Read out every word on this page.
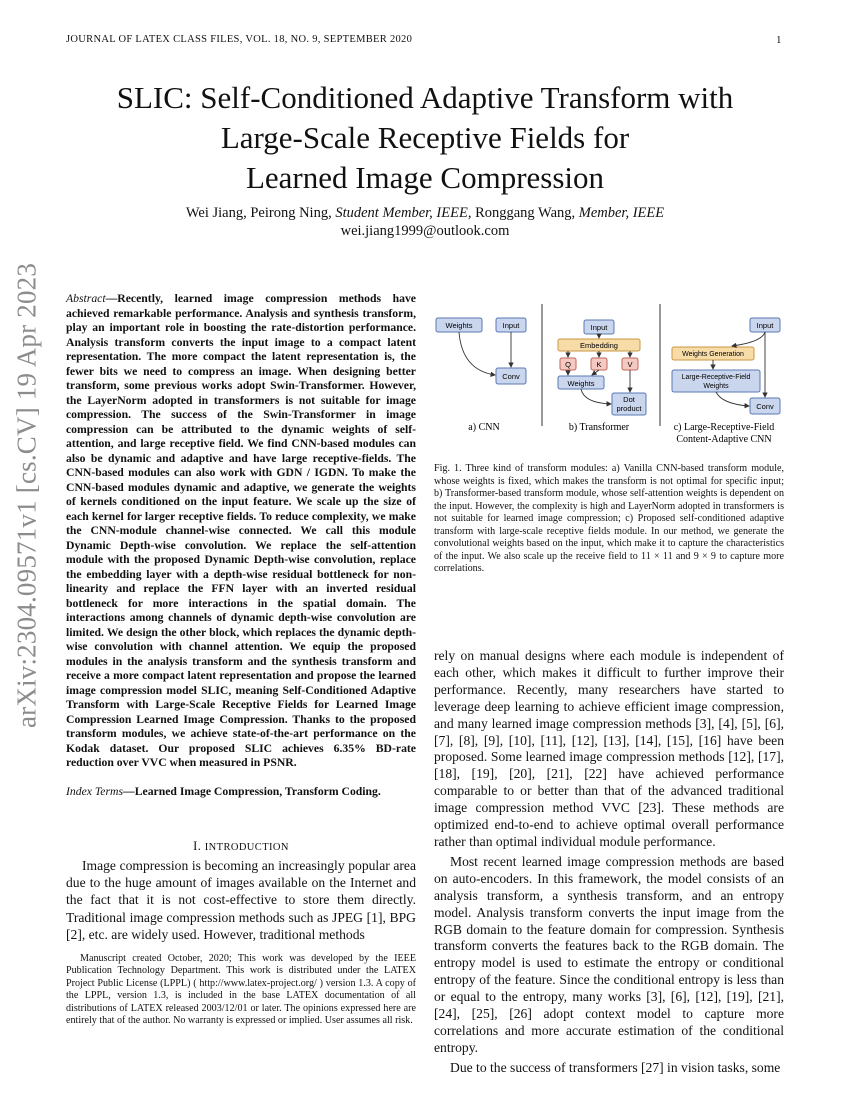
JOURNAL OF LATEX CLASS FILES, VOL. 18, NO. 9, SEPTEMBER 2020	1
SLIC: Self-Conditioned Adaptive Transform with
Large-Scale Receptive Fields for
Learned Image Compression
Wei Jiang, Peirong Ning, Student Member, IEEE, Ronggang Wang, Member, IEEE
wei.jiang1999@outlook.com
arXiv:2304.09571v1 [cs.CV] 19 Apr 2023	Abstract—Recently, learned image compression methods have achieved remarkable performance. Analysis and synthesis transform, play an important role in boosting the rate-distortion performance. Analysis transform converts the input image to a compact latent representation. The more compact the latent representation is, the fewer bits we need to compress an image. When designing better transform, some previous works adopt Swin-Transformer. However, the LayerNorm adopted in transformers is not suitable for image compression. The success of the Swin-Transformer in image compression can be attributed to the dynamic weights of self-attention, and large receptive field. We find CNN-based modules can also be dynamic and adaptive and have large receptive-fields. The CNN-based modules can also work with GDN / IGDN. To make the CNN-based modules dynamic and adaptive, we generate the weights of kernels conditioned on the input feature. We scale up the size of each kernel for larger receptive fields. To reduce complexity, we make the CNN-module channel-wise connected. We call this module Dynamic Depth-wise convolution. We replace the self-attention module with the proposed Dynamic Depth-wise convolution, replace the embedding layer with a depth-wise residual bottleneck for non-linearity and replace the FFN layer with an inverted residual bottleneck for more interactions in the spatial domain. The interactions among channels of dynamic depth-wise convolution are limited. We design the other block, which replaces the dynamic depth-wise convolution with channel attention. We equip the proposed modules in the analysis transform and the synthesis transform and receive a more compact latent representation and propose the learned image compression model SLIC, meaning Self-Conditioned Adaptive Transform with Large-Scale Receptive Fields for Learned Image Compression Learned Image Compression. Thanks to the proposed transform modules, we achieve state-of-the-art performance on the Kodak dataset. Our proposed SLIC achieves 6.35% BD-rate reduction over VVC when measured in PSNR.
Index Terms—Learned Image Compression, Transform Coding.
I. INTRODUCTION
Image compression is becoming an increasingly popular area due to the huge amount of images available on the Internet and the fact that it is not cost-effective to store them directly. Traditional image compression methods such as JPEG [1], BPG [2], etc. are widely used. However, traditional methods
Manuscript created October, 2020; This work was developed by the IEEE Publication Technology Department. This work is distributed under the LATEX Project Public License (LPPL) ( http://www.latex-project.org/ ) version 1.3. A copy of the LPPL, version 1.3, is included in the base LATEX documentation of all distributions of LATEX released 2003/12/01 or later. The opinions expressed here are entirely that of the author. No warranty is expressed or implied. User assumes all risk.
Weights	Input
Conv
Input
Embedding
Q	K	V
Weights
Dot
product
Input
Weights Generation
Large-Receptive-Field
Weights
Conv
a) CNN	b) Transformer	c) Large-Receptive-Field
Content-Adaptive CNN
Fig. 1. Three kind of transform modules: a) Vanilla CNN-based transform module, whose weights is fixed, which makes the transform is not optimal for specific input; b) Transformer-based transform module, whose self-attention weights is dependent on the input. However, the complexity is high and LayerNorm adopted in transformers is not suitable for learned image compression; c) Proposed self-conditioned adaptive transform with large-scale receptive fields module. In our method, we generate the convolutional weights based on the input, which make it to capture the characteristics of the input. We also scale up the receive field to 11 × 11 and 9 × 9 to capture more correlations.

rely on manual designs where each module is independent of each other, which makes it difficult to further improve their performance. Recently, many researchers have started to leverage deep learning to achieve efficient image compression, and many learned image compression methods [3], [4], [5], [6], [7], [8], [9], [10], [11], [12], [13], [14], [15], [16] have been proposed. Some learned image compression methods [12], [17], [18], [19], [20], [21], [22] have achieved performance comparable to or better than that of the advanced traditional image compression method VVC [23]. These methods are optimized end-to-end to achieve optimal overall performance rather than optimal individual module performance.

Most recent learned image compression methods are based on auto-encoders. In this framework, the model consists of an analysis transform, a synthesis transform, and an entropy model. Analysis transform converts the input image from the RGB domain to the feature domain for compression. Synthesis transform converts the features back to the RGB domain. The entropy model is used to estimate the entropy or conditional entropy of the feature. Since the conditional entropy is less than or equal to the entropy, many works [3], [6], [12], [19], [21], [24], [25], [26] adopt context model to capture more correlations and more accurate estimation of the conditional entropy.

Due to the success of transformers [27] in vision tasks, some
